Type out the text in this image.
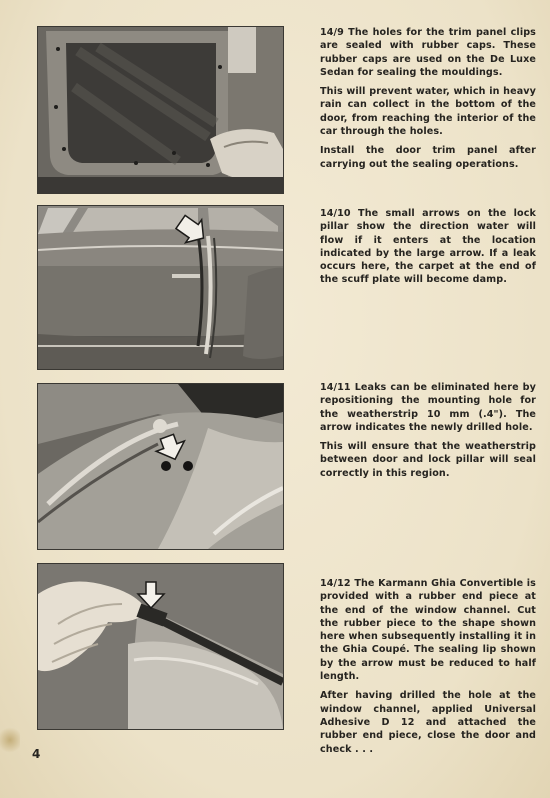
14/9 The holes for the trim panel clips are sealed with rubber caps. These rubber caps are used on the De Luxe Sedan for sealing the mouldings.

This will prevent water, which in heavy rain can collect in the bottom of the door, from reaching the interior of the car through the holes.

Install the door trim panel after carrying out the sealing operations.

14/10 The small arrows on the lock pillar show the direction water will flow if it enters at the location indicated by the large arrow. If a leak occurs here, the carpet at the end of the scuff plate will become damp.

14/11 Leaks can be eliminated here by repositioning the mounting hole for the weatherstrip 10 mm (.4"). The arrow indicates the newly drilled hole.

This will ensure that the weatherstrip between door and lock pillar will seal correctly in this region.

14/12 The Karmann Ghia Convertible is provided with a rubber end piece at the end of the window channel. Cut the rubber piece to the shape shown here when subsequently installing it in the Ghia Coupé. The sealing lip shown by the arrow must be reduced to half length.

After having drilled the hole at the window channel, applied Universal Adhesive D 12 and attached the rubber end piece, close the door and check . . .

4
